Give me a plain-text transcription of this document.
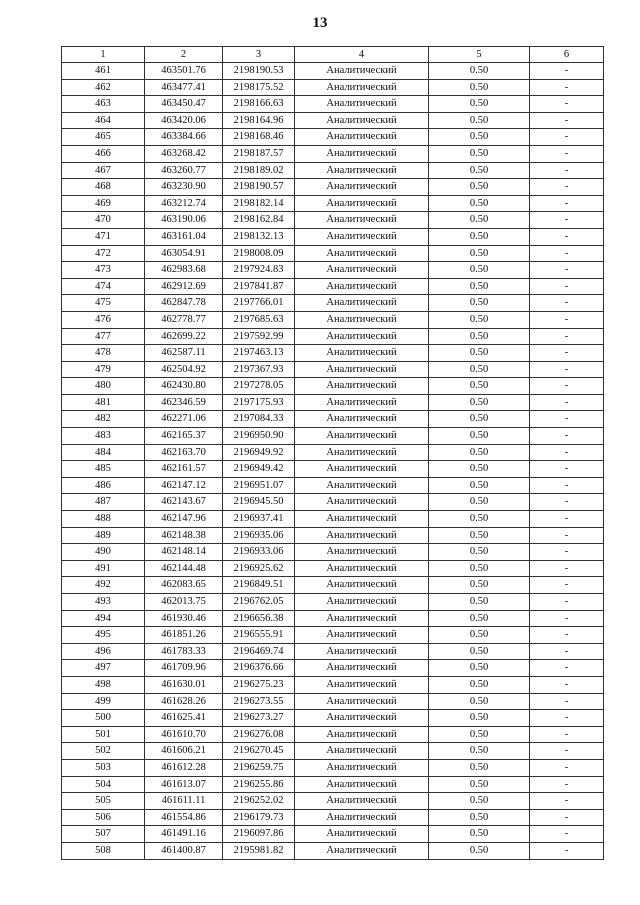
13
1	2	3	4	5	6
461	463501.76	2198190.53	Аналитический	0.50	-
462	463477.41	2198175.52	Аналитический	0.50	-
463	463450.47	2198166.63	Аналитический	0.50	-
464	463420.06	2198164.96	Аналитический	0.50	-
465	463384.66	2198168.46	Аналитический	0.50	-
466	463268.42	2198187.57	Аналитический	0.50	-
467	463260.77	2198189.02	Аналитический	0.50	-
468	463230.90	2198190.57	Аналитический	0.50	-
469	463212.74	2198182.14	Аналитический	0.50	-
470	463190.06	2198162.84	Аналитический	0.50	-
471	463161.04	2198132.13	Аналитический	0.50	-
472	463054.91	2198008.09	Аналитический	0.50	-
473	462983.68	2197924.83	Аналитический	0.50	-
474	462912.69	2197841.87	Аналитический	0.50	-
475	462847.78	2197766.01	Аналитический	0.50	-
476	462778.77	2197685.63	Аналитический	0.50	-
477	462699.22	2197592.99	Аналитический	0.50	-
478	462587.11	2197463.13	Аналитический	0.50	-
479	462504.92	2197367.93	Аналитический	0.50	-
480	462430.80	2197278.05	Аналитический	0.50	-
481	462346.59	2197175.93	Аналитический	0.50	-
482	462271.06	2197084.33	Аналитический	0.50	-
483	462165.37	2196950.90	Аналитический	0.50	-
484	462163.70	2196949.92	Аналитический	0.50	-
485	462161.57	2196949.42	Аналитический	0.50	-
486	462147.12	2196951.07	Аналитический	0.50	-
487	462143.67	2196945.50	Аналитический	0.50	-
488	462147.96	2196937.41	Аналитический	0.50	-
489	462148.38	2196935.06	Аналитический	0.50	-
490	462148.14	2196933.06	Аналитический	0.50	-
491	462144.48	2196925.62	Аналитический	0.50	-
492	462083.65	2196849.51	Аналитический	0.50	-
493	462013.75	2196762.05	Аналитический	0.50	-
494	461930.46	2196656.38	Аналитический	0.50	-
495	461851.26	2196555.91	Аналитический	0.50	-
496	461783.33	2196469.74	Аналитический	0.50	-
497	461709.96	2196376.66	Аналитический	0.50	-
498	461630.01	2196275.23	Аналитический	0.50	-
499	461628.26	2196273.55	Аналитический	0.50	-
500	461625.41	2196273.27	Аналитический	0.50	-
501	461610.70	2196276.08	Аналитический	0.50	-
502	461606.21	2196270.45	Аналитический	0.50	-
503	461612.28	2196259.75	Аналитический	0.50	-
504	461613.07	2196255.86	Аналитический	0.50	-
505	461611.11	2196252.02	Аналитический	0.50	-
506	461554.86	2196179.73	Аналитический	0.50	-
507	461491.16	2196097.86	Аналитический	0.50	-
508	461400.87	2195981.82	Аналитический	0.50	-
